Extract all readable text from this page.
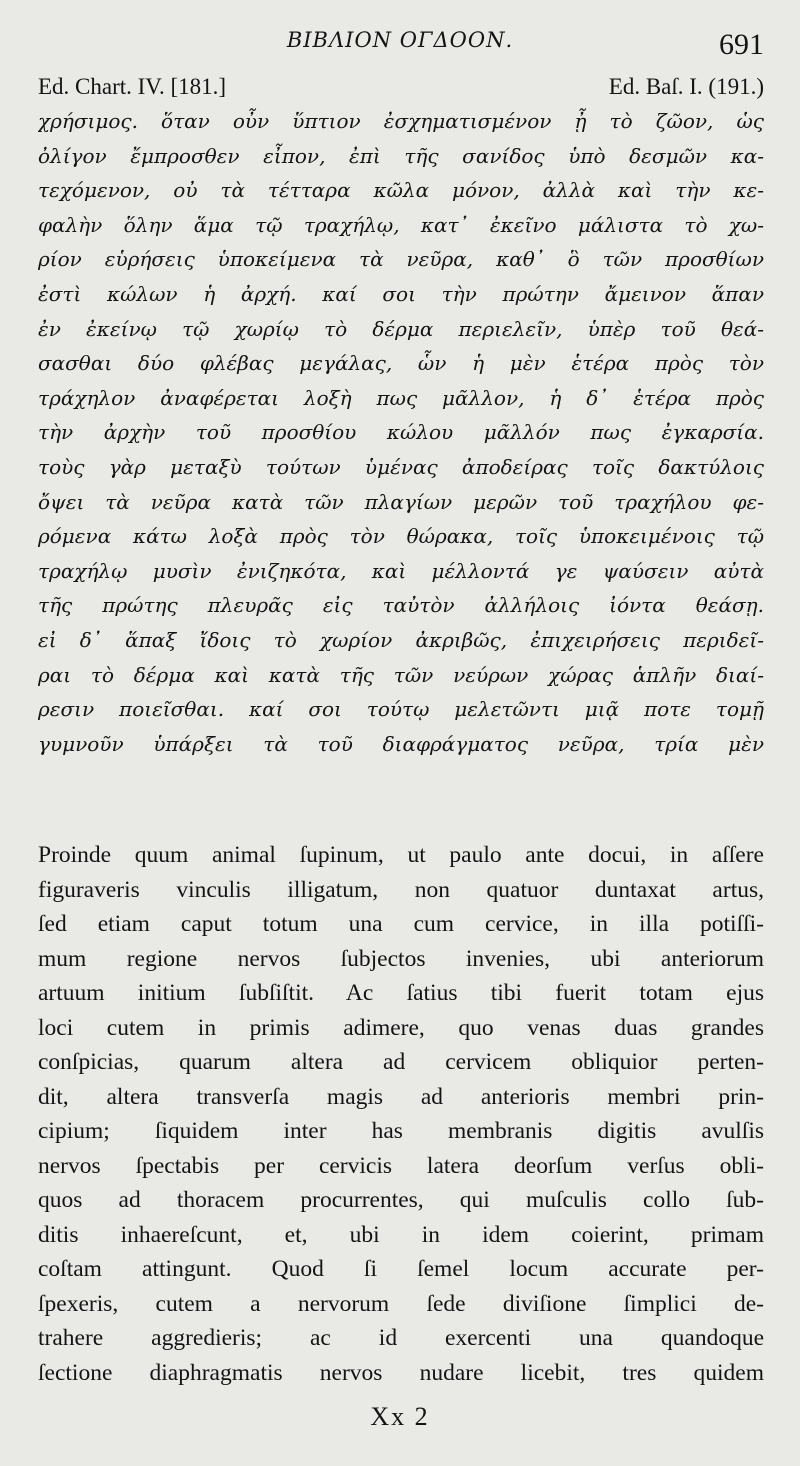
BIBΛIOΝ ΟΓΔΟΟΝ.	691
Ed. Chart. IV. [181.]	Ed. Baſ. I. (191.)
χρήσιμος. ὅταν οὖν ὕπτιον ἐσχηματισμένον ᾖ τὸ ζῶον, ὡς
ὀλίγον ἔμπροσθεν εἶπον, ἐπὶ τῆς σανίδος ὑπὸ δεσμῶν κα-
τεχόμενον, οὐ τὰ τέτταρα κῶλα μόνον, ἀλλὰ καὶ τὴν κε-
φαλὴν ὅλην ἅμα τῷ τραχήλῳ, κατ᾽ ἐκεῖνο μάλιστα τὸ χω-
ρίον εὑρήσεις ὑποκείμενα τὰ νεῦρα, καθ᾽ ὃ τῶν προσθίων
ἐστὶ κώλων ἡ ἀρχή. καί σοι τὴν πρώτην ἄμεινον ἅπαν
ἐν ἐκείνῳ τῷ χωρίῳ τὸ δέρμα περιελεῖν, ὑπὲρ τοῦ θεά-
σασθαι δύο φλέβας μεγάλας, ὧν ἡ μὲν ἑτέρα πρὸς τὸν
τράχηλον ἀναφέρεται λοξὴ πως μᾶλλον, ἡ δ᾽ ἑτέρα πρὸς
τὴν ἀρχὴν τοῦ προσθίου κώλου μᾶλλόν πως ἐγκαρσία.
τοὺς γὰρ μεταξὺ τούτων ὑμένας ἀποδείρας τοῖς δακτύλοις
ὄψει τὰ νεῦρα κατὰ τῶν πλαγίων μερῶν τοῦ τραχήλου φε-
ρόμενα κάτω λοξὰ πρὸς τὸν θώρακα, τοῖς ὑποκειμένοις τῷ
τραχήλῳ μυσὶν ἐνιζηκότα, καὶ μέλλοντά γε ψαύσειν αὐτὰ
τῆς πρώτης πλευρᾶς εἰς ταὐτὸν ἀλλήλοις ἰόντα θεάσῃ.
εἰ δ᾽ ἅπαξ ἴδοις τὸ χωρίον ἀκριβῶς, ἐπιχειρήσεις περιδεῖ-
ραι τὸ δέρμα καὶ κατὰ τῆς τῶν νεύρων χώρας ἁπλῆν διαί-
ρεσιν ποιεῖσθαι. καί σοι τούτῳ μελετῶντι μιᾷ ποτε τομῇ
γυμνοῦν ὑπάρξει τὰ τοῦ διαφράγματος νεῦρα, τρία μὲν
Proinde quum animal ſupinum, ut paulo ante docui, in aſſere
figuraveris vinculis illigatum, non quatuor duntaxat artus,
ſed etiam caput totum una cum cervice, in illa potiſſi-
mum regione nervos ſubjectos invenies, ubi anteriorum
artuum initium ſubſiſtit. Ac ſatius tibi fuerit totam ejus
loci cutem in primis adimere, quo venas duas grandes
conſpicias, quarum altera ad cervicem obliquior perten-
dit, altera transverſa magis ad anterioris membri prin-
cipium; ſiquidem inter has membranis digitis avulſis
nervos ſpectabis per cervicis latera deorſum verſus obli-
quos ad thoracem procurrentes, qui muſculis collo ſub-
ditis inhaereſcunt, et, ubi in idem coierint, primam
coſtam attingunt. Quod ſi ſemel locum accurate per-
ſpexeris, cutem a nervorum ſede diviſione ſimplici de-
trahere aggredieris; ac id exercenti una quandoque
ſectione diaphragmatis nervos nudare licebit, tres quidem
Xx 2
